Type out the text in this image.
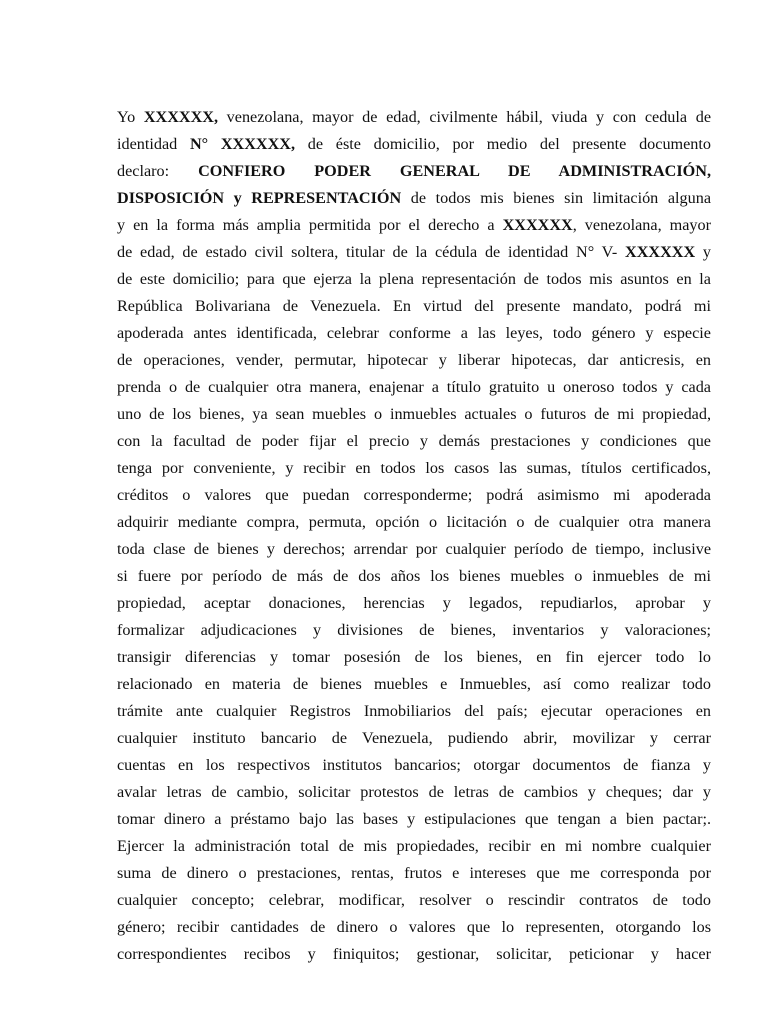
Yo XXXXXX, venezolana, mayor de edad, civilmente hábil, viuda y con cedula de
identidad N° XXXXXX, de éste domicilio, por medio del presente documento
declaro: CONFIERO PODER GENERAL DE ADMINISTRACIÓN,
DISPOSICIÓN y REPRESENTACIÓN de todos mis bienes sin limitación alguna
y en la forma más amplia permitida por el derecho a XXXXXX, venezolana, mayor
de edad, de estado civil soltera, titular de la cédula de identidad N° V- XXXXXX y
de este domicilio; para que ejerza la plena representación de todos mis asuntos en la
República Bolivariana de Venezuela. En virtud del presente mandato, podrá mi
apoderada antes identificada, celebrar conforme a las leyes, todo género y especie
de operaciones, vender, permutar, hipotecar y liberar hipotecas, dar anticresis, en
prenda o de cualquier otra manera, enajenar a título gratuito u oneroso todos y cada
uno de los bienes, ya sean muebles o inmuebles actuales o futuros de mi propiedad,
con la facultad de poder fijar el precio y demás prestaciones y condiciones que
tenga por conveniente, y recibir en todos los casos las sumas, títulos certificados,
créditos o valores que puedan corresponderme; podrá asimismo mi apoderada
adquirir mediante compra, permuta, opción o licitación o de cualquier otra manera
toda clase de bienes y derechos; arrendar por cualquier período de tiempo, inclusive
si fuere por período de más de dos años los bienes muebles o inmuebles de mi
propiedad, aceptar donaciones, herencias y legados, repudiarlos, aprobar y
formalizar adjudicaciones y divisiones de bienes, inventarios y valoraciones;
transigir diferencias y tomar posesión de los bienes, en fin ejercer todo lo
relacionado en materia de bienes muebles e Inmuebles, así como realizar todo
trámite ante cualquier Registros Inmobiliarios del país; ejecutar operaciones en
cualquier instituto bancario de Venezuela, pudiendo abrir, movilizar y cerrar
cuentas en los respectivos institutos bancarios; otorgar documentos de fianza y
avalar letras de cambio, solicitar protestos de letras de cambios y cheques; dar y
tomar dinero a préstamo bajo las bases y estipulaciones que tengan a bien pactar;.
Ejercer la administración total de mis propiedades, recibir en mi nombre cualquier
suma de dinero o prestaciones, rentas, frutos e intereses que me corresponda por
cualquier concepto; celebrar, modificar, resolver o rescindir contratos de todo
género; recibir cantidades de dinero o valores que lo representen, otorgando los
correspondientes recibos y finiquitos; gestionar, solicitar, peticionar y hacer
